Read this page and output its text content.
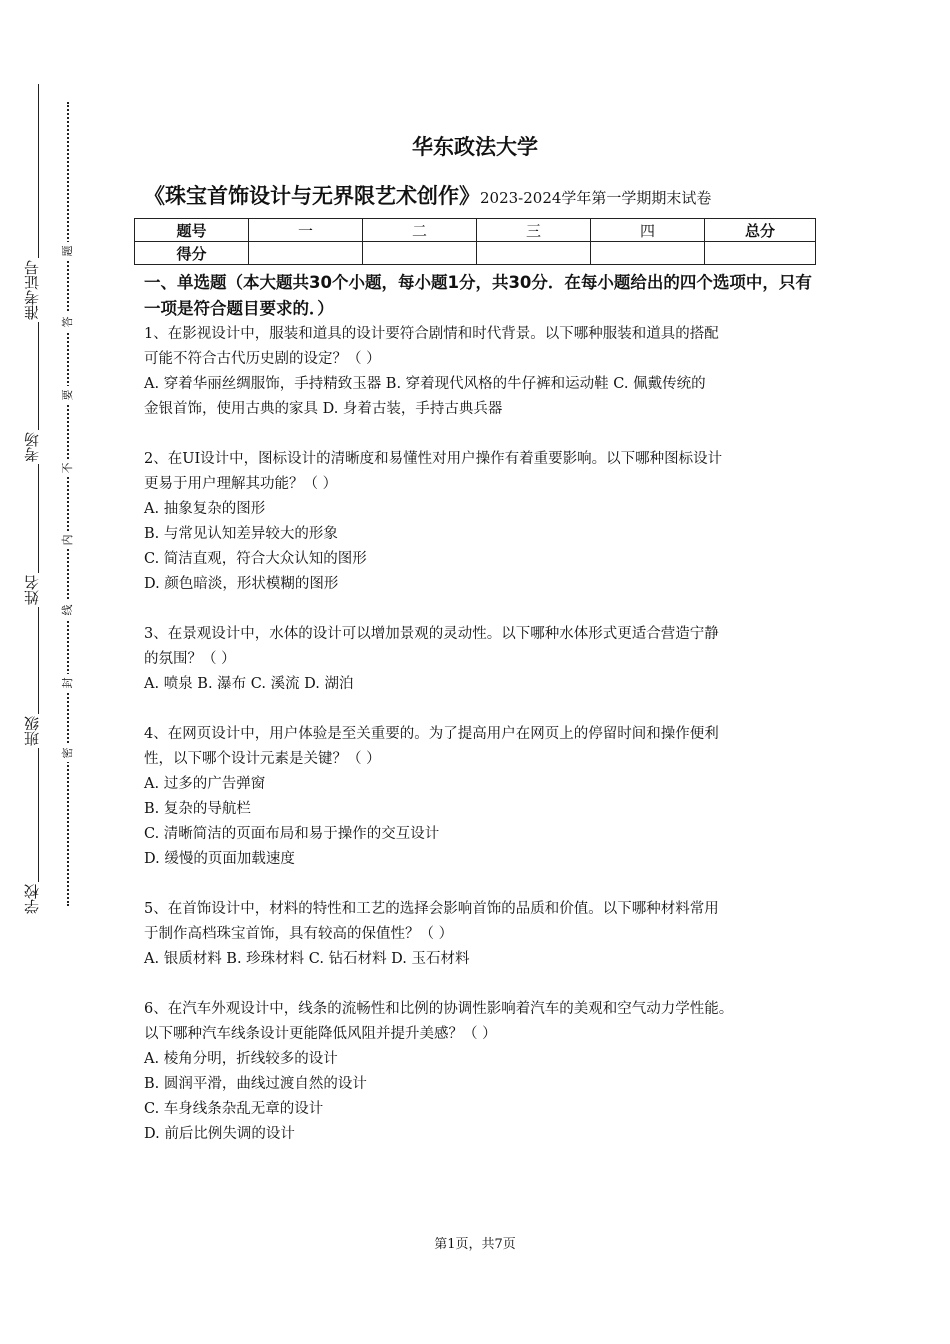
准考证号
考场
姓名
班级
学校
题
答
要
不
内
线
封
密
华东政法大学
《珠宝首饰设计与无界限艺术创作》2023-2024学年第一学期期末试卷
题号	一	二	三	四	总分
得分					

一、单选题（本大题共30个小题，每小题1分，共30分．在每小题给出的四个选项中，只有一项是符合题目要求的．）

1、在影视设计中，服装和道具的设计要符合剧情和时代背景。以下哪种服装和道具的搭配

可能不符合古代历史剧的设定？（ ）

A. 穿着华丽丝绸服饰，手持精致玉器 B. 穿着现代风格的牛仔裤和运动鞋 C. 佩戴传统的

金银首饰，使用古典的家具 D. 身着古装，手持古典兵器

2、在UI设计中，图标设计的清晰度和易懂性对用户操作有着重要影响。以下哪种图标设计

更易于用户理解其功能？（ ）

A. 抽象复杂的图形

B. 与常见认知差异较大的形象

C. 简洁直观，符合大众认知的图形

D. 颜色暗淡，形状模糊的图形

3、在景观设计中，水体的设计可以增加景观的灵动性。以下哪种水体形式更适合营造宁静

的氛围？（ ）

A. 喷泉 B. 瀑布 C. 溪流 D. 湖泊

4、在网页设计中，用户体验是至关重要的。为了提高用户在网页上的停留时间和操作便利

性，以下哪个设计元素是关键？（ ）

A. 过多的广告弹窗

B. 复杂的导航栏

C. 清晰简洁的页面布局和易于操作的交互设计

D. 缓慢的页面加载速度

5、在首饰设计中，材料的特性和工艺的选择会影响首饰的品质和价值。以下哪种材料常用

于制作高档珠宝首饰，具有较高的保值性？（ ）

A. 银质材料 B. 珍珠材料 C. 钻石材料 D. 玉石材料

6、在汽车外观设计中，线条的流畅性和比例的协调性影响着汽车的美观和空气动力学性能。

以下哪种汽车线条设计更能降低风阻并提升美感？（ ）

A. 棱角分明，折线较多的设计

B. 圆润平滑，曲线过渡自然的设计

C. 车身线条杂乱无章的设计

D. 前后比例失调的设计

第1页，共7页
